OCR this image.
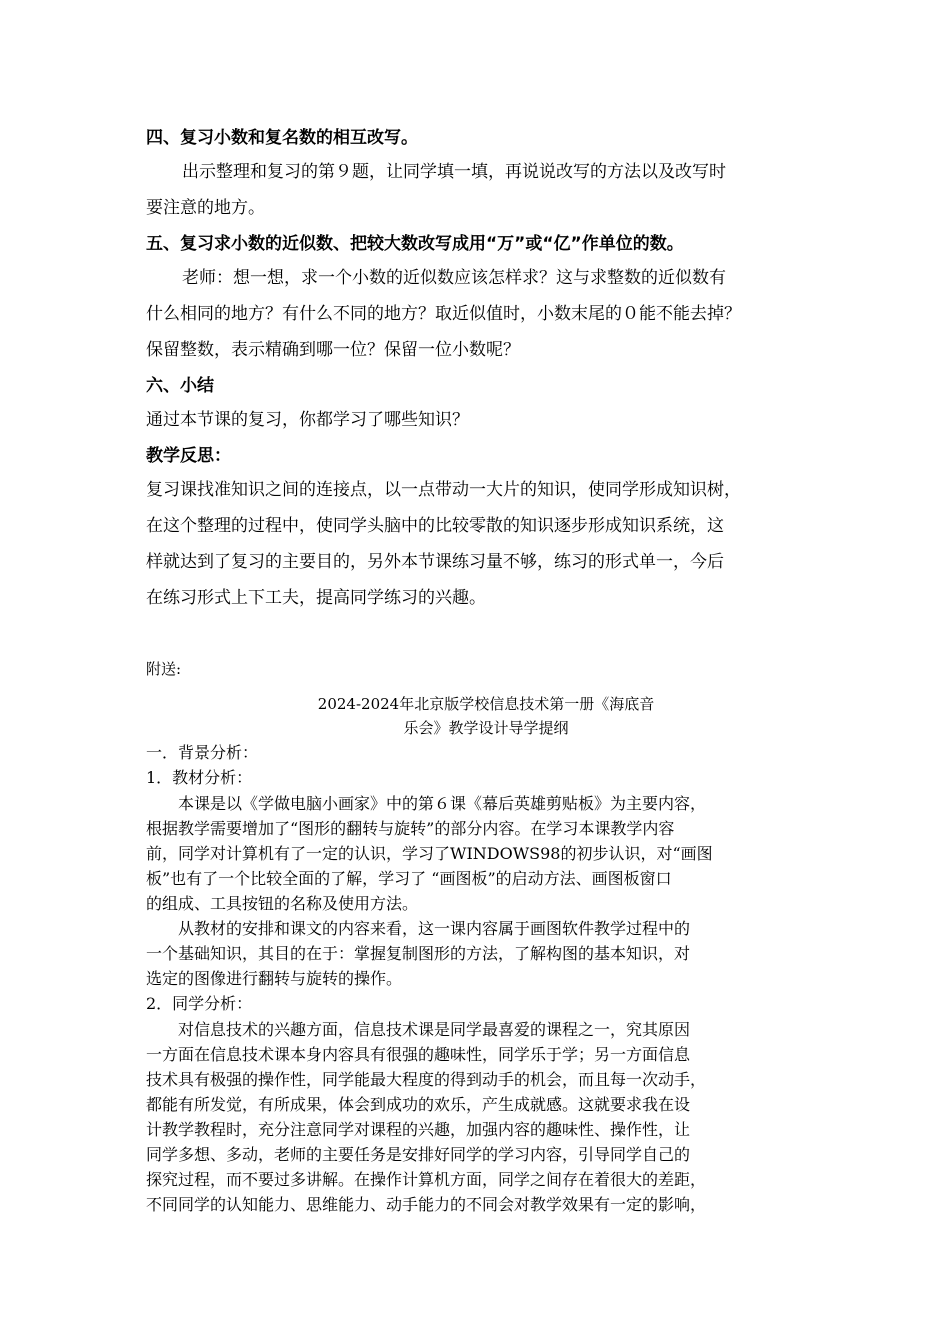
四、复习小数和复名数的相互改写。
出示整理和复习的第９题，让同学填一填，再说说改写的方法以及改写时
要注意的地方。
五、复习求小数的近似数、把较大数改写成用“万”或“亿”作单位的数。
老师：想一想，求一个小数的近似数应该怎样求？这与求整数的近似数有
什么相同的地方？有什么不同的地方？取近似值时，小数末尾的０能不能去掉？
保留整数，表示精确到哪一位？保留一位小数呢？
六、小结
通过本节课的复习，你都学习了哪些知识？
教学反思：
复习课找准知识之间的连接点，以一点带动一大片的知识，使同学形成知识树，
在这个整理的过程中，使同学头脑中的比较零散的知识逐步形成知识系统，这
样就达到了复习的主要目的，另外本节课练习量不够，练习的形式单一，今后
在练习形式上下工夫，提高同学练习的兴趣。
附送:
2024-2024年北京版学校信息技术第一册《海底音
乐会》教学设计导学提纲
一．背景分析：
1．教材分析：
本课是以《学做电脑小画家》中的第６课《幕后英雄剪贴板》为主要内容，
根据教学需要增加了“图形的翻转与旋转”的部分内容。在学习本课教学内容
前，同学对计算机有了一定的认识，学习了WINDOWS98的初步认识，对“画图
板”也有了一个比较全面的了解，学习了 “画图板”的启动方法、画图板窗口
的组成、工具按钮的名称及使用方法。
从教材的安排和课文的内容来看，这一课内容属于画图软件教学过程中的
一个基础知识，其目的在于：掌握复制图形的方法，了解构图的基本知识，对
选定的图像进行翻转与旋转的操作。
2．同学分析：
对信息技术的兴趣方面，信息技术课是同学最喜爱的课程之一，究其原因
一方面在信息技术课本身内容具有很强的趣味性，同学乐于学；另一方面信息
技术具有极强的操作性，同学能最大程度的得到动手的机会，而且每一次动手，
都能有所发觉，有所成果，体会到成功的欢乐，产生成就感。这就要求我在设
计教学教程时，充分注意同学对课程的兴趣，加强内容的趣味性、操作性，让
同学多想、多动，老师的主要任务是安排好同学的学习内容，引导同学自己的
探究过程，而不要过多讲解。在操作计算机方面，同学之间存在着很大的差距，
不同同学的认知能力、思维能力、动手能力的不同会对教学效果有一定的影响，
